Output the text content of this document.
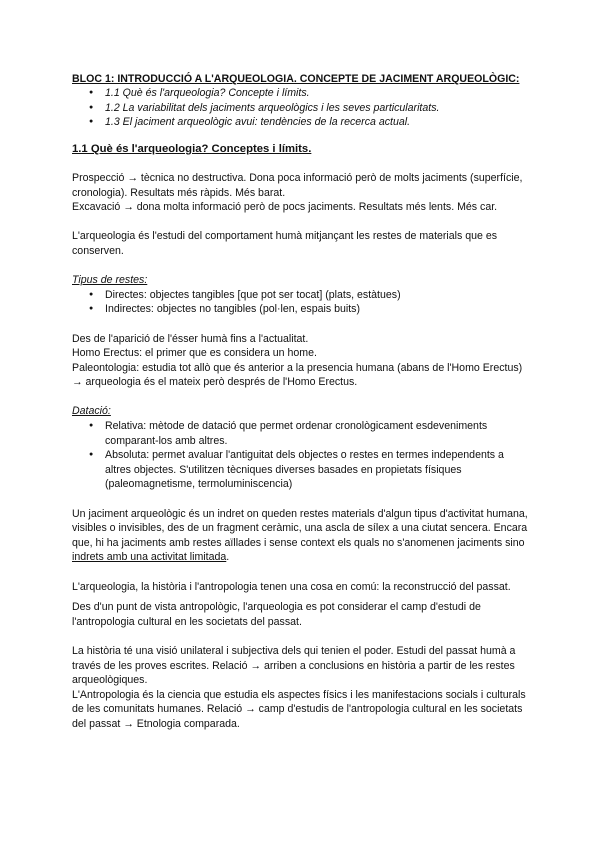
BLOC 1: INTRODUCCIÓ A L'ARQUEOLOGIA. CONCEPTE DE JACIMENT ARQUEOLÒGIC:
● 1.1 Què és l'arqueologia? Concepte i límits.
● 1.2 La variabilitat dels jaciments arqueològics i les seves particularitats.
● 1.3 El jaciment arqueològic avui: tendències de la recerca actual.
1.1 Què és l'arqueologia? Conceptes i límits.

Prospecció → tècnica no destructiva. Dona poca informació però de molts jaciments (superfície, cronologia). Resultats més ràpids. Més barat.

Excavació → dona molta informació però de pocs jaciments. Resultats més lents. Més car.

L'arqueologia és l'estudi del comportament humà mitjançant les restes de materials que es conserven.

Tipus de restes:

● Directes: objectes tangibles [que pot ser tocat] (plats, estàtues)
● Indirectes: objectes no tangibles (pol·len, espais buits)

Des de l'aparició de l'ésser humà fins a l'actualitat.

Homo Erectus: el primer que es considera un home.

Paleontologia: estudia tot allò que és anterior a la presencia humana (abans de l'Homo Erectus) → arqueologia és el mateix però després de l'Homo Erectus.

Datació:

● Relativa: mètode de datació que permet ordenar cronològicament esdeveniments comparant-los amb altres.
● Absoluta: permet avaluar l'antiguitat dels objectes o restes en termes independents a altres objectes. S'utilitzen tècniques diverses basades en propietats físiques (paleomagnetisme, termoluminiscencia)

Un jaciment arqueològic és un indret on queden restes materials d'algun tipus d'activitat humana, visibles o invisibles, des de un fragment ceràmic, una ascla de sílex a una ciutat sencera. Encara que, hi ha jaciments amb restes aïllades i sense context els quals no s'anomenen jaciments sino indrets amb una activitat limitada.

L'arqueologia, la història i l'antropologia tenen una cosa en comú: la reconstrucció del passat.

Des d'un punt de vista antropològic, l'arqueologia es pot considerar el camp d'estudi de l'antropologia cultural en les societats del passat.

La història té una visió unilateral i subjectiva dels qui tenien el poder. Estudi del passat humà a través de les proves escrites. Relació → arriben a conclusions en història a partir de les restes arqueològiques.

L'Antropologia és la ciencia que estudia els aspectes físics i les manifestacions socials i culturals de les comunitats humanes. Relació → camp d'estudis de l'antropologia cultural en les societats del passat → Etnologia comparada.
